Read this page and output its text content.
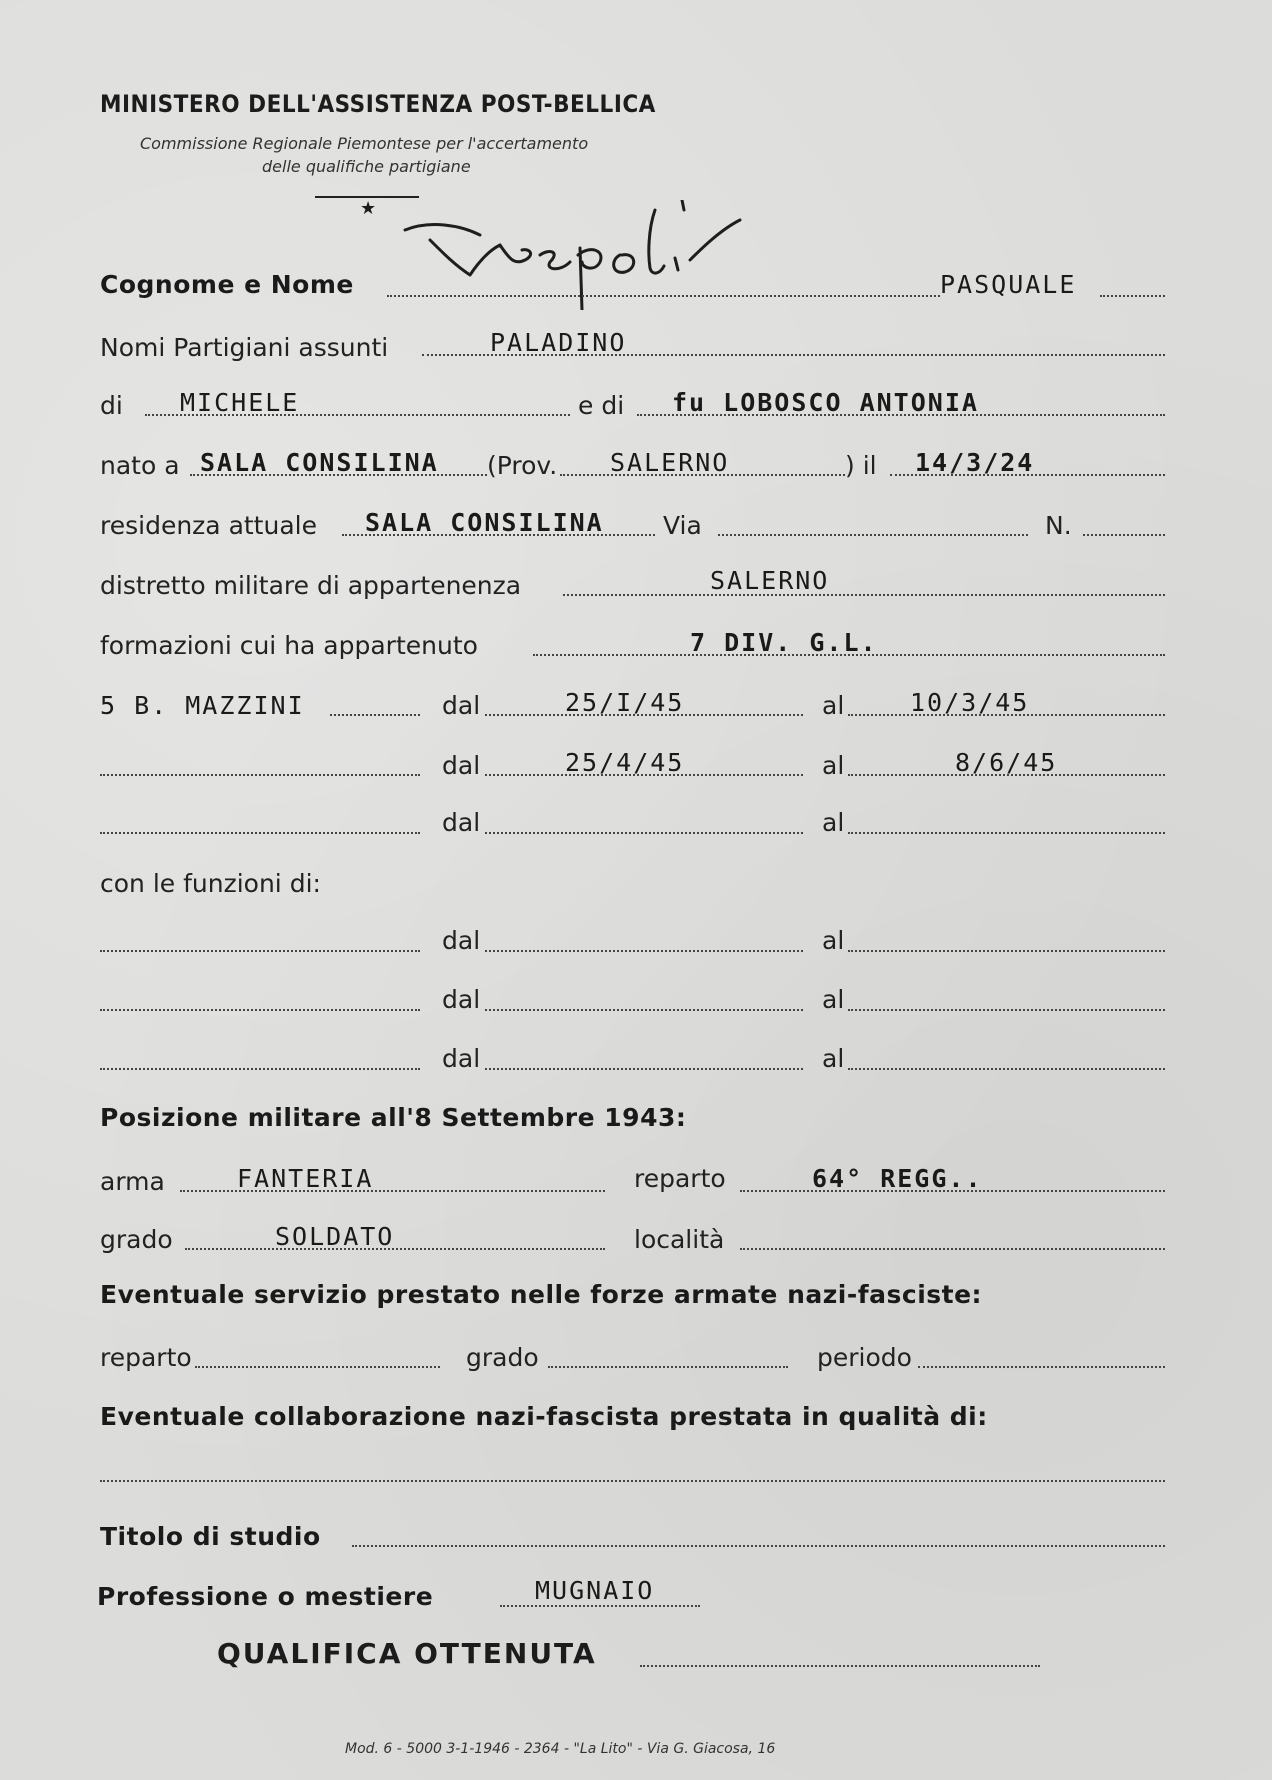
MINISTERO DELL'ASSISTENZA POST-BELLICA
Commissione Regionale Piemontese per l'accertamento
delle qualifiche partigiane
★
Cognome e Nome	PASQUALE
Nomi Partigiani assunti	PALADINO
di MICHELE	e di fu LOBOSCO ANTONIA
nato a SALA CONSILINA (Prov. SALERNO	) il 14/3/24
residenza attuale SALA CONSILINA Via	N.
distretto militare di appartenenza	SALERNO
formazioni cui ha appartenuto	7 DIV. G.L.
5 B. MAZZINI	dal	25/I/45	al	10/3/45
dal	25/4/45	al	8/6/45
dal	al
con le funzioni di:
dal	al
dal	al
dal	al
Posizione militare all'8 Settembre 1943:
arma	FANTERIA	reparto	64° REGG..
grado	SOLDATO	località
Eventuale servizio prestato nelle forze armate nazi-fasciste:
reparto	grado	periodo
Eventuale collaborazione nazi-fascista prestata in qualità di:
Titolo di studio
Professione o mestiere	MUGNAIO
QUALIFICA OTTENUTA
Mod. 6 - 5000 3-1-1946 - 2364 - "La Lito" - Via G. Giacosa, 16
